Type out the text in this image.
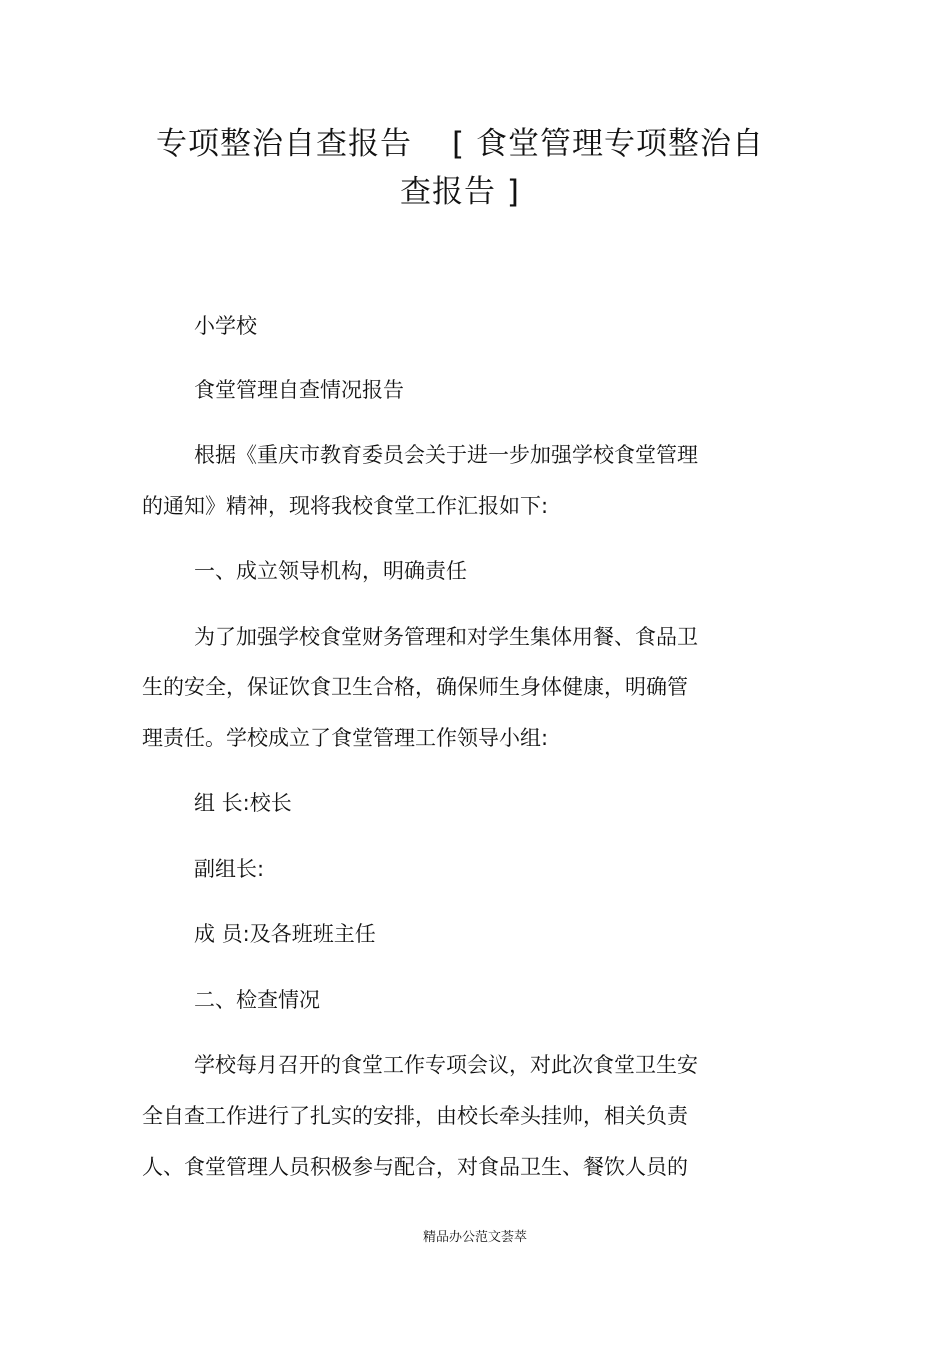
专项整治自查报告 [ 食堂管理专项整治自
查报告 ]

小学校

食堂管理自查情况报告

根据《重庆市教育委员会关于进一步加强学校食堂管理

的通知》精神，现将我校食堂工作汇报如下:

一、成立领导机构，明确责任

为了加强学校食堂财务管理和对学生集体用餐、食品卫

生的安全，保证饮食卫生合格，确保师生身体健康，明确管

理责任。学校成立了食堂管理工作领导小组:

组 长:校长

副组长:

成 员:及各班班主任

二、检查情况

学校每月召开的食堂工作专项会议，对此次食堂卫生安

全自查工作进行了扎实的安排，由校长牵头挂帅，相关负责

人、食堂管理人员积极参与配合，对食品卫生、餐饮人员的

精品办公范文荟萃
